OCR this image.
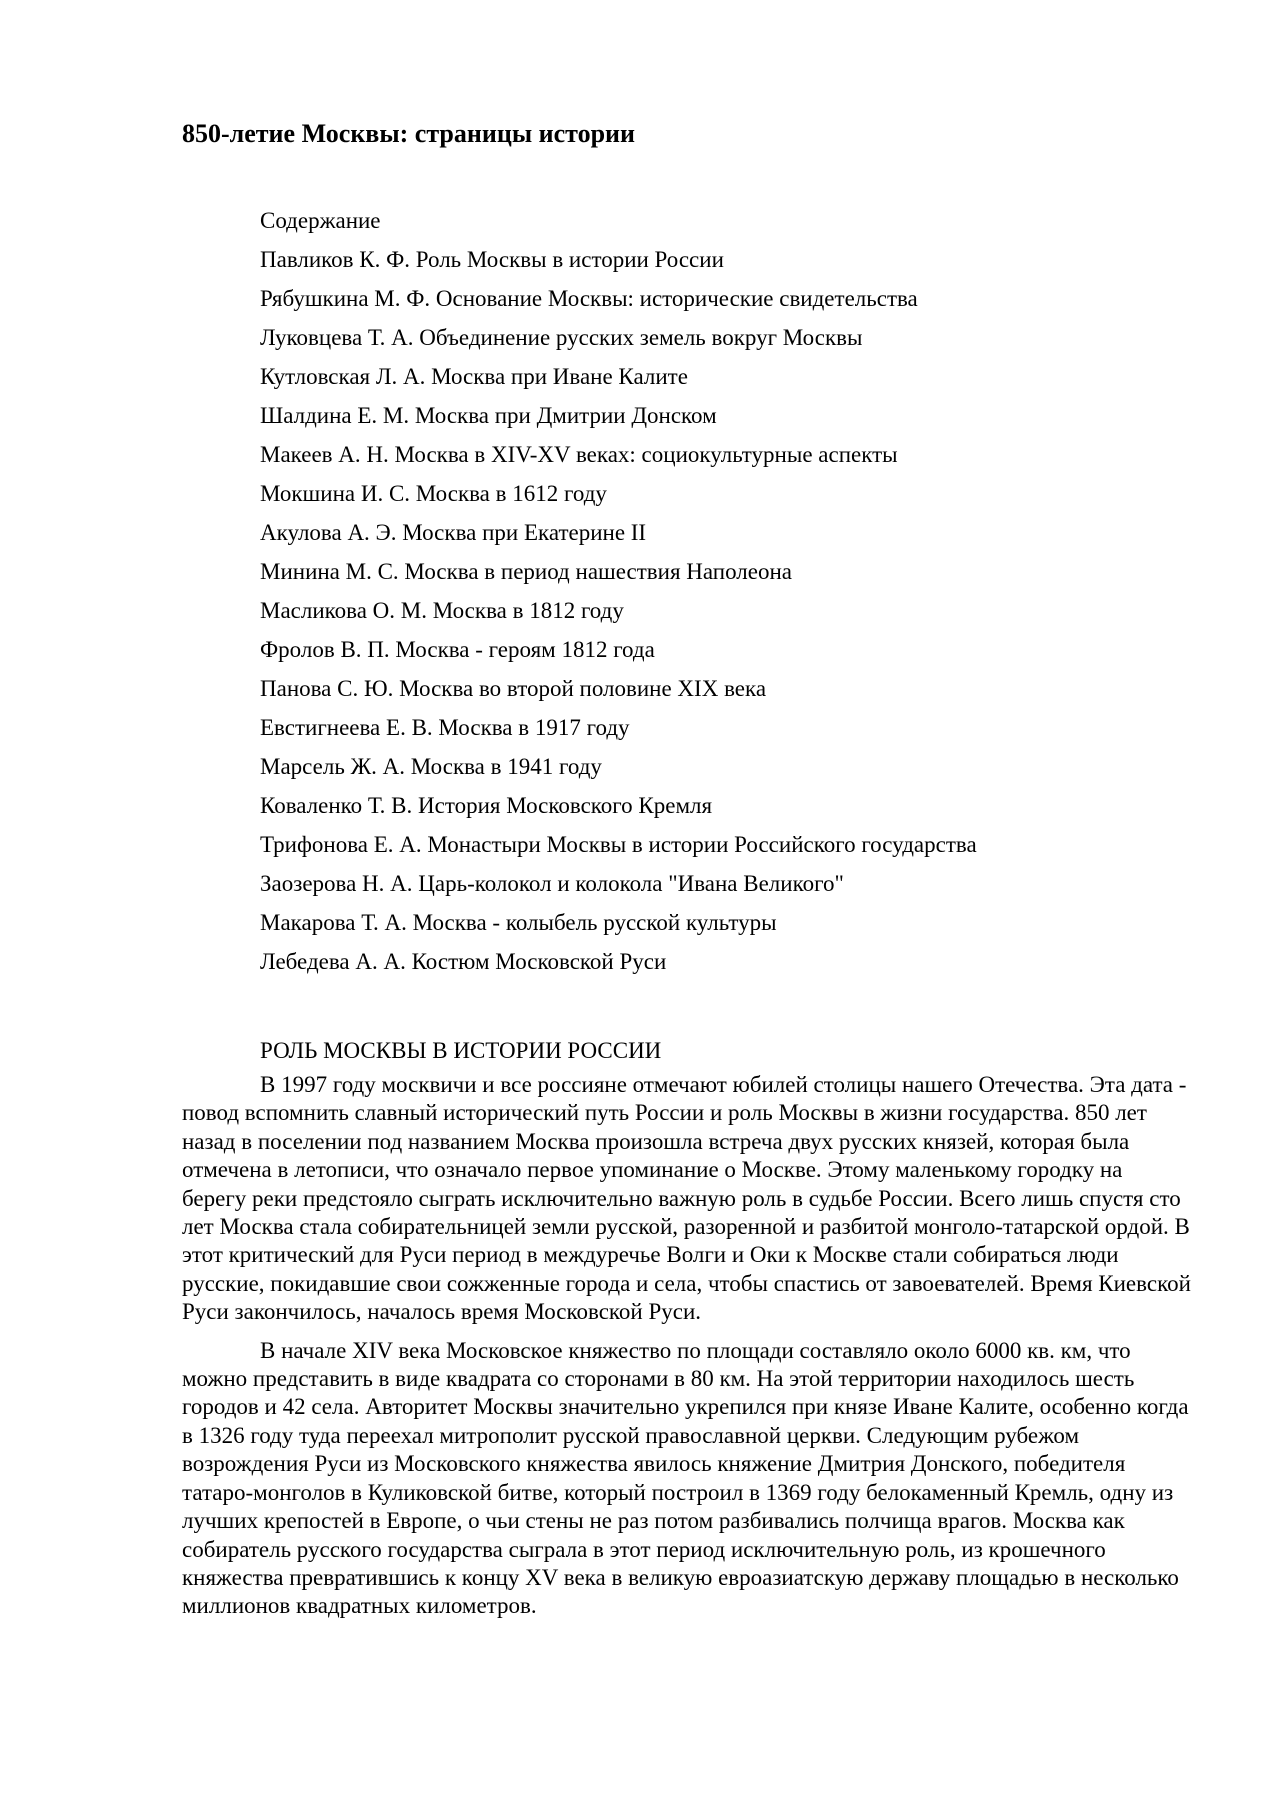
850-летие Москвы: страницы истории
Содержание
Павликов К. Ф. Роль Москвы в истории России
Рябушкина М. Ф. Основание Москвы: исторические свидетельства
Луковцева Т. А. Объединение русских земель вокруг Москвы
Кутловская Л. А. Москва при Иване Калите
Шалдина Е. М. Москва при Дмитрии Донском
Макеев А. Н. Москва в XIV-XV веках: социокультурные аспекты
Мокшина И. С. Москва в 1612 году
Акулова А. Э. Москва при Екатерине II
Минина М. С. Москва в период нашествия Наполеона
Масликова О. М. Москва в 1812 году
Фролов В. П. Москва - героям 1812 года
Панова С. Ю. Москва во второй половине XIX века
Евстигнеева Е. В. Москва в 1917 году
Марсель Ж. А. Москва в 1941 году
Коваленко Т. В. История Московского Кремля
Трифонова Е. А. Монастыри Москвы в истории Российского государства
Заозерова Н. А. Царь-колокол и колокола "Ивана Великого"
Макарова Т. А. Москва - колыбель русской культуры
Лебедева А. А. Костюм Московской Руси
РОЛЬ МОСКВЫ В ИСТОРИИ РОССИИ

В 1997 году москвичи и все россияне отмечают юбилей столицы нашего Отечества. Эта дата - повод вспомнить славный исторический путь России и роль Москвы в жизни государства. 850 лет назад в поселении под названием Москва произошла встреча двух русских князей, которая была отмечена в летописи, что означало первое упоминание о Москве. Этому маленькому городку на берегу реки предстояло сыграть исключительно важную роль в судьбе России. Всего лишь спустя сто лет Москва стала собирательницей земли русской, разоренной и разбитой монголо-татарской ордой. В этот критический для Руси период в междуречье Волги и Оки к Москве стали собираться люди русские, покидавшие свои сожженные города и села, чтобы спастись от завоевателей. Время Киевской Руси закончилось, началось время Московской Руси.

В начале XIV века Московское княжество по площади составляло около 6000 кв. км, что можно представить в виде квадрата со сторонами в 80 км. На этой территории находилось шесть городов и 42 села. Авторитет Москвы значительно укрепился при князе Иване Калите, особенно когда в 1326 году туда переехал митрополит русской православной церкви. Следующим рубежом возрождения Руси из Московского княжества явилось княжение Дмитрия Донского, победителя татаро-монголов в Куликовской битве, который построил в 1369 году белокаменный Кремль, одну из лучших крепостей в Европе, о чьи стены не раз потом разбивались полчища врагов. Москва как собиратель русского государства сыграла в этот период исключительную роль, из крошечного княжества превратившись к концу XV века в великую евроазиатскую державу площадью в несколько миллионов квадратных километров.
